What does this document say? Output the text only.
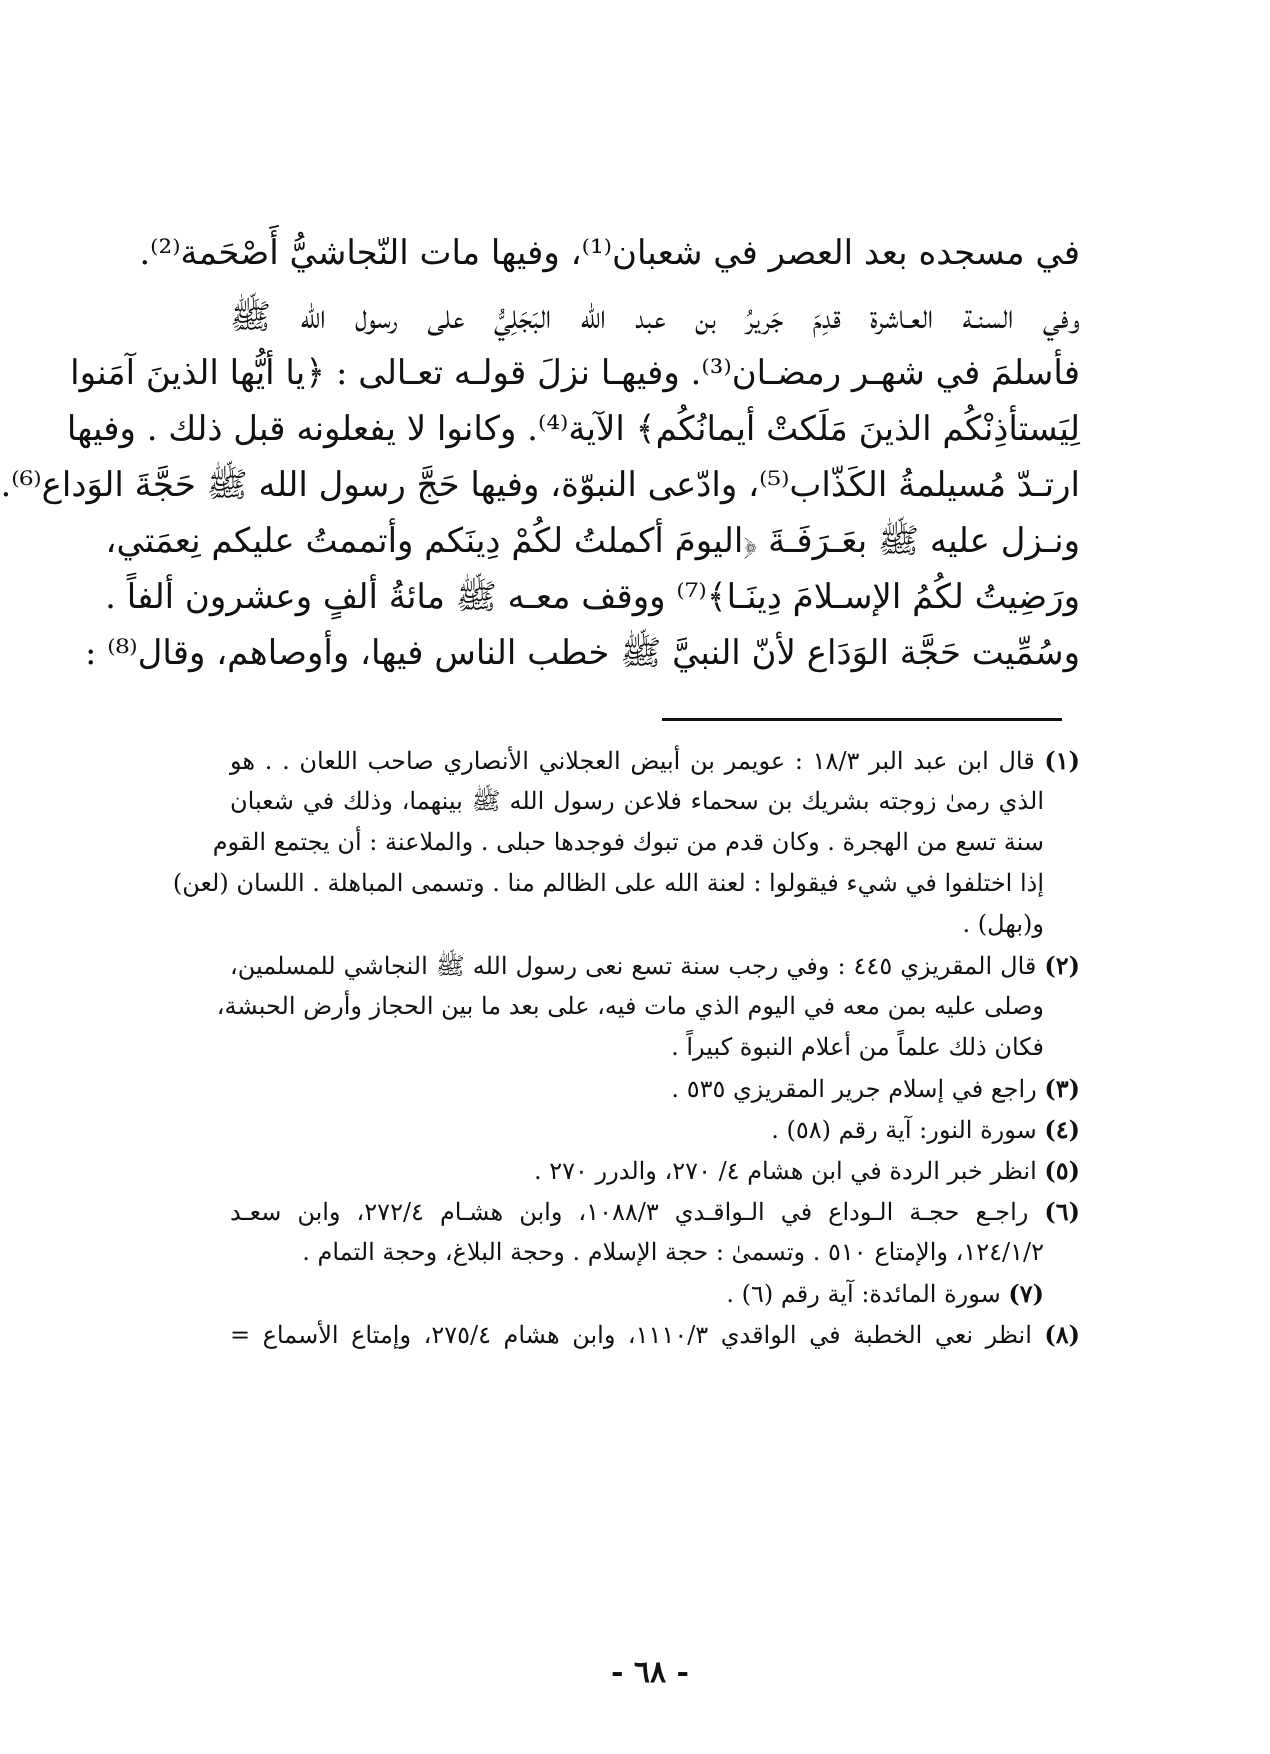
في مسجده بعد العصر في شعبان⁽¹⁾، وفيها مات النّجاشيُّ أَصْحَمة⁽²⁾.
وفي السنـة العـاشرة قدِمَ جَريرُ بن عبد الله البَجَلِيُّ على رسول الله ﷺ
فأسلمَ في شهـر رمضـان⁽³⁾. وفيهـا نزلَ قولـه تعـالى : ﴿يا أيُّها الذينَ آمَنوا
لِيَستأذِنْكُم الذينَ مَلَكتْ أيمانُكُم﴾ الآية⁽⁴⁾. وكانوا لا يفعلونه قبل ذلك . وفيها
ارتـدّ مُسيلمةُ الكَذّاب⁽⁵⁾، وادّعى النبوّة، وفيها حَجَّ رسول الله ﷺ حَجَّةَ الوَداع⁽⁶⁾.
ونـزل عليه ﷺ بعَـرَفَـةَ ﴿اليومَ أكملتُ لكُمْ دِينَكم وأتممتُ عليكم نِعمَتي،
ورَضِيتُ لكُمُ الإسـلامَ دِينَـا﴾⁽⁷⁾ ووقف معـه ﷺ مائةُ ألفٍ وعشرون ألفاً .
وسُمِّيت حَجَّة الوَدَاع لأنّ النبيَّ ﷺ خطب الناس فيها، وأوصاهم، وقال⁽⁸⁾ :
(١) قال ابن عبد البر ١٨/٣ : عويمر بن أبيض العجلاني الأنصاري صاحب اللعان . . هو
الذي رمىٰ زوجته بشريك بن سحماء فلاعن رسول الله ﷺ بينهما، وذلك في شعبان
سنة تسع من الهجرة . وكان قدم من تبوك فوجدها حبلى . والملاعنة : أن يجتمع القوم
إذا اختلفوا في شيء فيقولوا : لعنة الله على الظالم منا . وتسمى المباهلة . اللسان (لعن)
و(بهل) .
(٢) قال المقريزي ٤٤٥ : وفي رجب سنة تسع نعى رسول الله ﷺ النجاشي للمسلمين،
وصلى عليه بمن معه في اليوم الذي مات فيه، على بعد ما بين الحجاز وأرض الحبشة،
فكان ذلك علماً من أعلام النبوة كبيراً .
(٣) راجع في إسلام جرير المقريزي ٥٣٥ .
(٤) سورة النور: آية رقم (٥٨) .
(٥) انظر خبر الردة في ابن هشام ٤/ ٢٧٠، والدرر ٢٧٠ .
(٦) راجـع حجـة الـوداع في الـواقـدي ١٠٨٨/٣، وابن هشـام ٢٧٢/٤، وابن سعـد
١٢٤/١/٢، والإمتاع ٥١٠ . وتسمىٰ : حجة الإسلام . وحجة البلاغ، وحجة التمام .
(٧) سورة المائدة: آية رقم (٦) .
(٨) انظر نعي الخطبة في الواقدي ١١١٠/٣، وابن هشام ٢٧٥/٤، وإمتاع الأسماع =
- ٦٨ -
